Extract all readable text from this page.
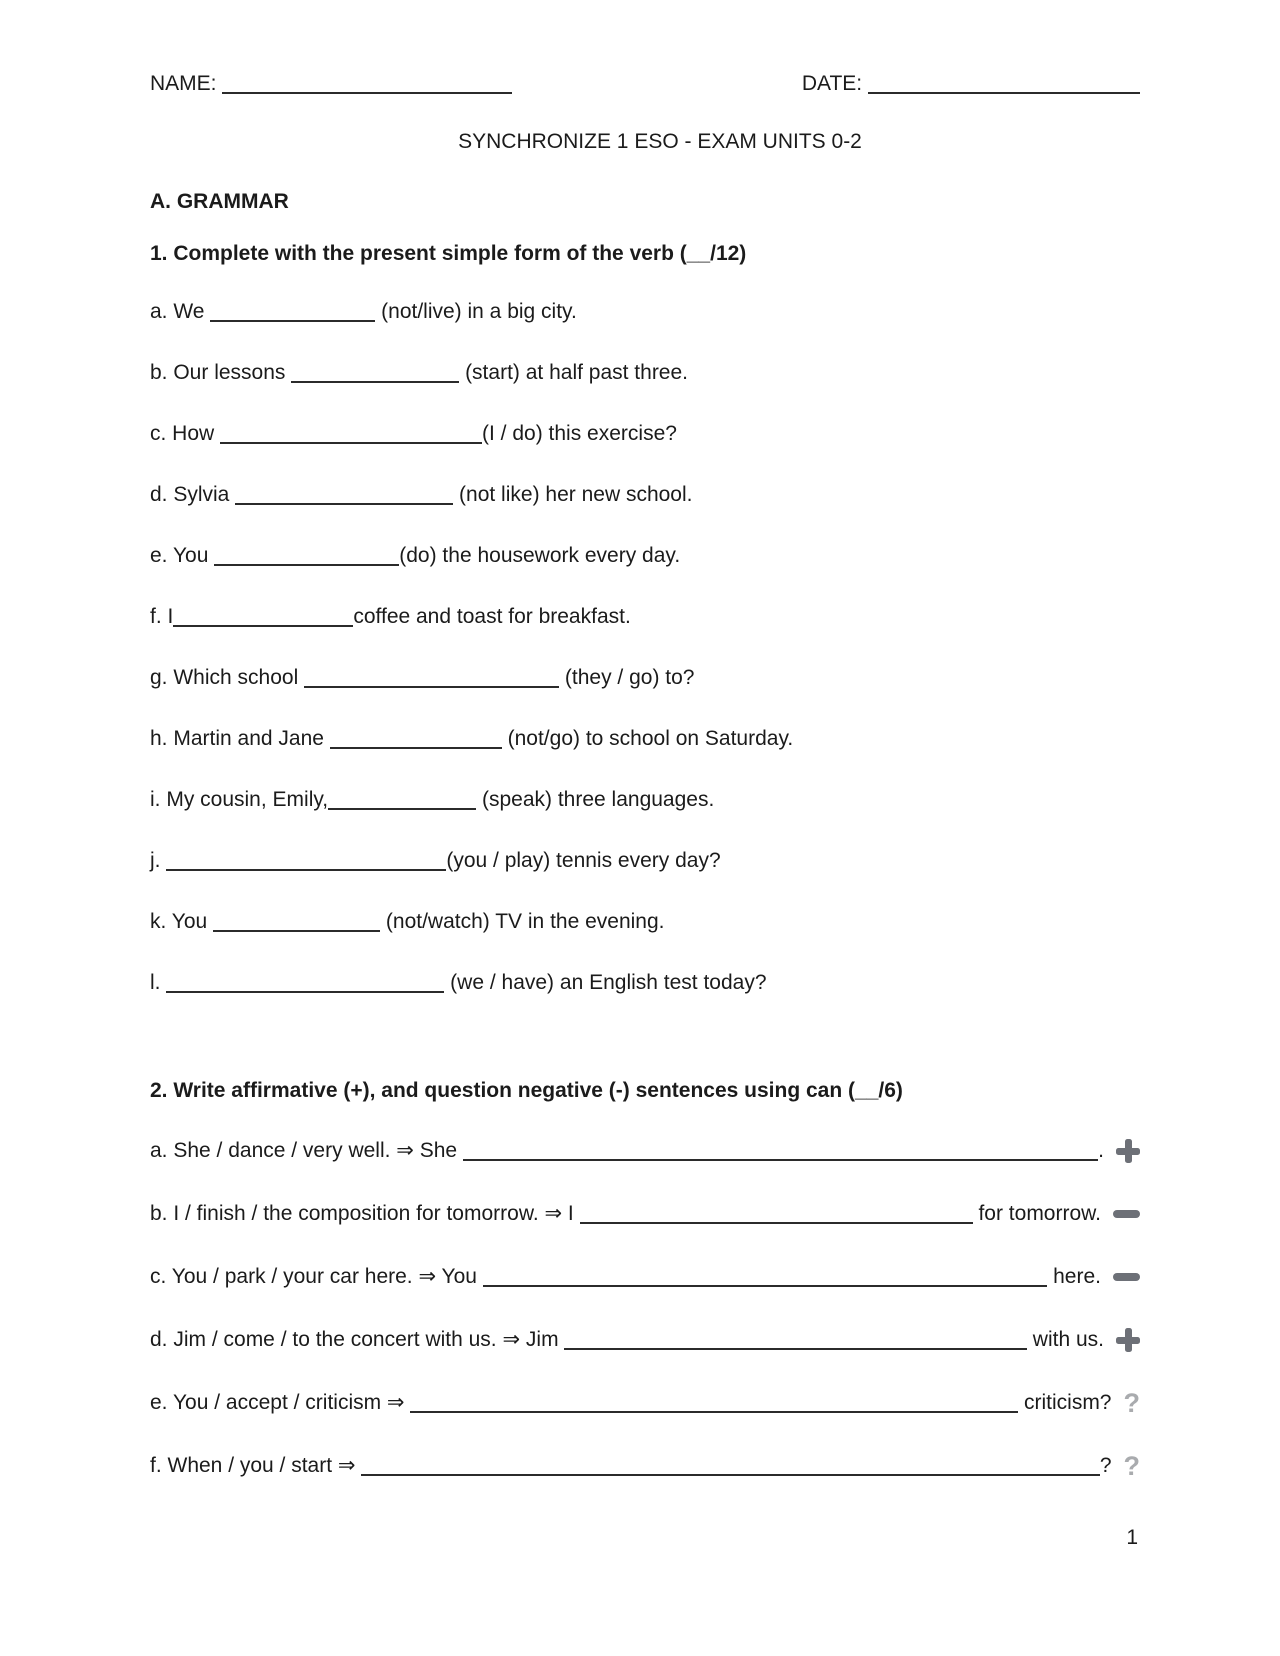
NAME:	DATE:
SYNCHRONIZE 1 ESO - EXAM UNITS 0-2
A. GRAMMAR
1. Complete with the present simple form of the verb (__/12)

a. We	(not/live) in a big city.

b. Our lessons	(start) at half past three.

c. How	(I / do) this exercise?

d. Sylvia	(not like) her new school.

e. You	(do) the housework every day.

f. I	coffee and toast for breakfast.

g. Which school	(they / go) to?

h. Martin and Jane	(not/go) to school on Saturday.

i. My cousin, Emily,	(speak) three languages.

j.	(you / play) tennis every day?

k. You	(not/watch) TV in the evening.

l.	(we / have) an English test today?

2. Write affirmative (+), and question negative (-) sentences using can (__/6)
a. She / dance / very well. ⇒ She	.
b. I / finish / the composition for tomorrow. ⇒ I	for tomorrow.
c. You / park / your car here. ⇒ You	here.
d. Jim / come / to the concert with us. ⇒ Jim	with us.
e. You / accept / criticism ⇒	criticism? ?
f. When / you / start ⇒	? ?
1
